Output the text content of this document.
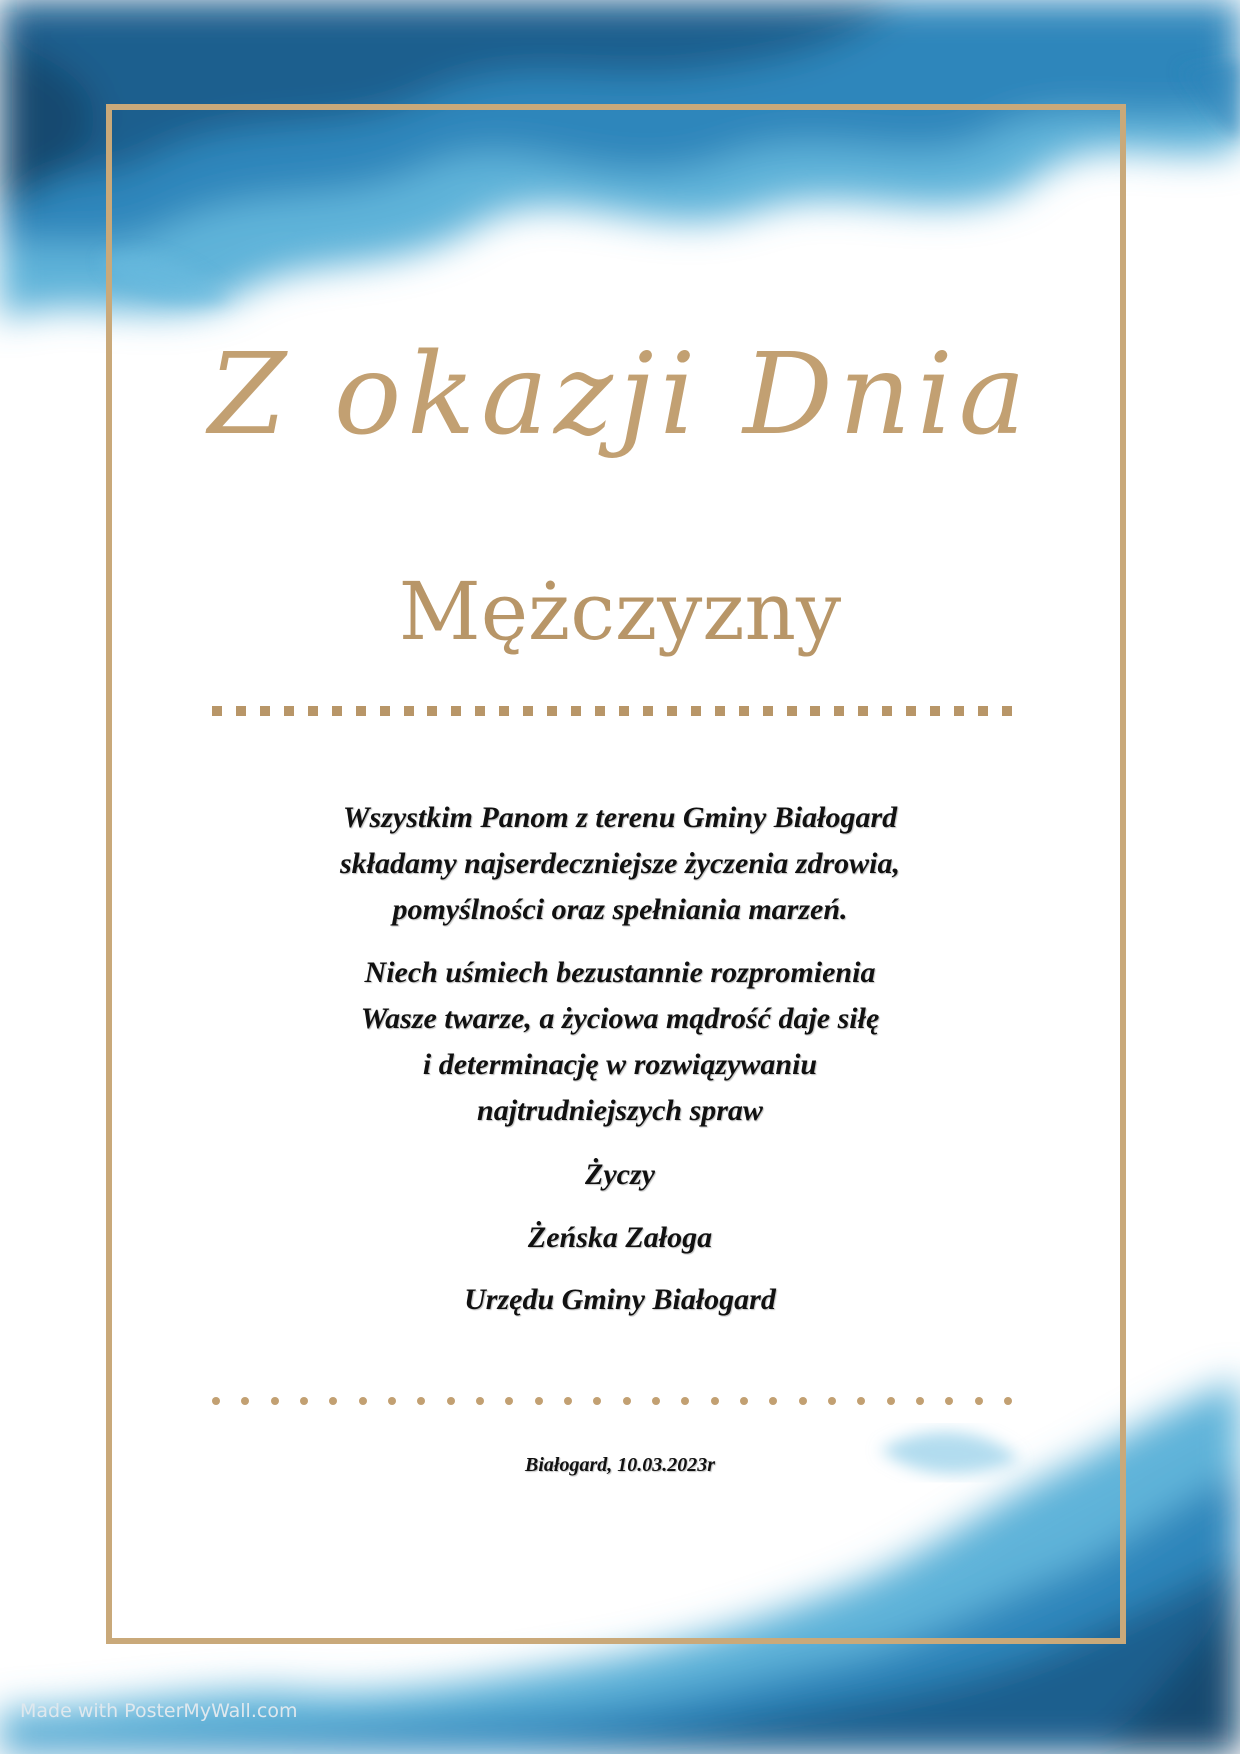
Z okazji Dnia
Mężczyzny
Wszystkim Panom z terenu Gminy Białogard
składamy najserdeczniejsze życzenia zdrowia,
pomyślności oraz spełniania marzeń.
Niech uśmiech bezustannie rozpromienia
Wasze twarze, a życiowa mądrość daje siłę
i determinację w rozwiązywaniu
najtrudniejszych spraw
Życzy
Żeńska Załoga
Urzędu Gminy Białogard
Białogard, 10.03.2023r
Made with PosterMyWall.com
